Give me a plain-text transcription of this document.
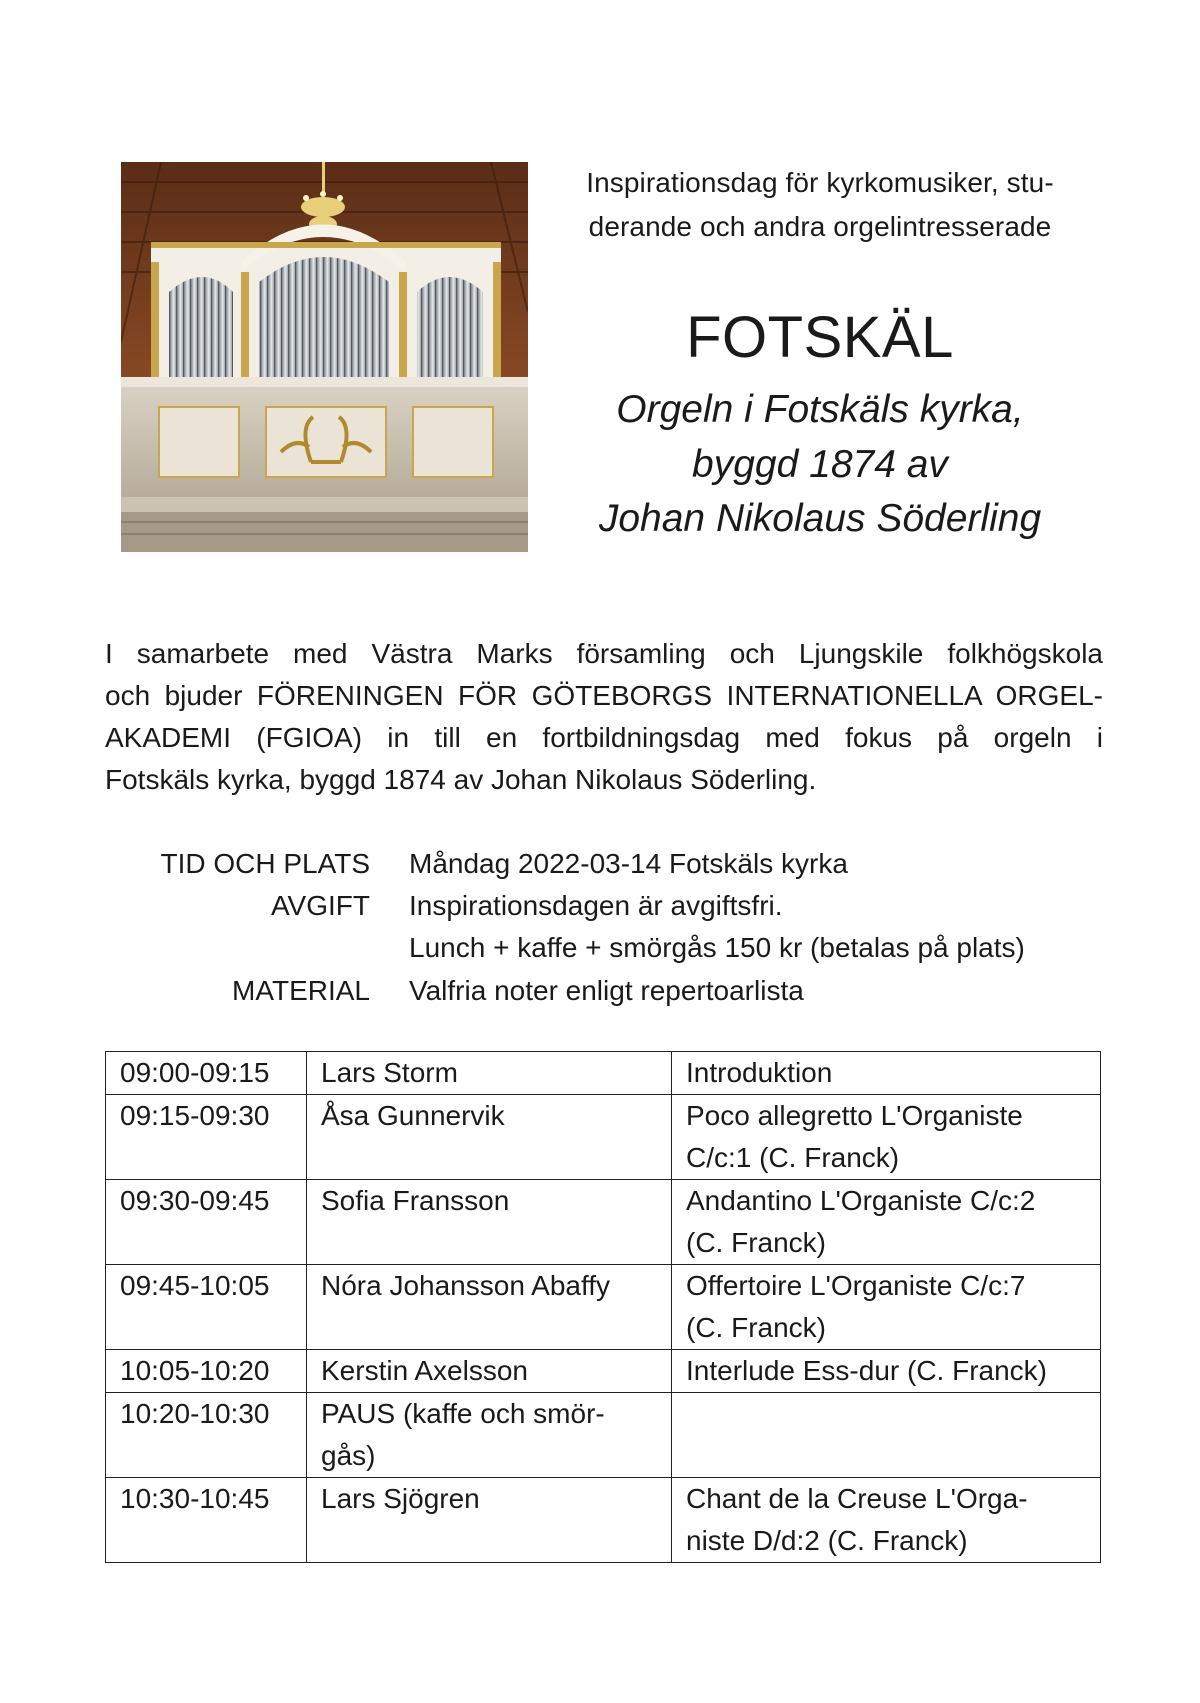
Inspirationsdag för kyrkomusiker, stu-
derande och andra orgelintresserade
FOTSKÄL
Orgeln i Fotskäls kyrka,
byggd 1874 av
Johan Nikolaus Söderling
I samarbete med Västra Marks församling och Ljungskile folkhögskola
och bjuder FÖRENINGEN FÖR GÖTEBORGS INTERNATIONELLA ORGEL-
AKADEMI (FGIOA) in till en fortbildningsdag med fokus på orgeln i
Fotskäls kyrka, byggd 1874 av Johan Nikolaus Söderling.
TID OCH PLATS Måndag 2022-03-14 Fotskäls kyrka
AVGIFT Inspirationsdagen är avgiftsfri.
Lunch + kaffe + smörgås 150 kr (betalas på plats)
MATERIAL Valfria noter enligt repertoarlista
09:00-09:15	Lars Storm	Introduktion

09:15-09:30	Åsa Gunnervik	Poco allegretto L'Organiste
C/c:1 (C. Franck)

09:30-09:45	Sofia Fransson	Andantino L'Organiste C/c:2
(C. Franck)

09:45-10:05	Nóra Johansson Abaffy	Offertoire L'Organiste C/c:7
(C. Franck)

10:05-10:20	Kerstin Axelsson	Interlude Ess-dur (C. Franck)

10:20-10:30	PAUS (kaffe och smör-
gås)	

10:30-10:45	Lars Sjögren	Chant de la Creuse L'Orga-
niste D/d:2 (C. Franck)
